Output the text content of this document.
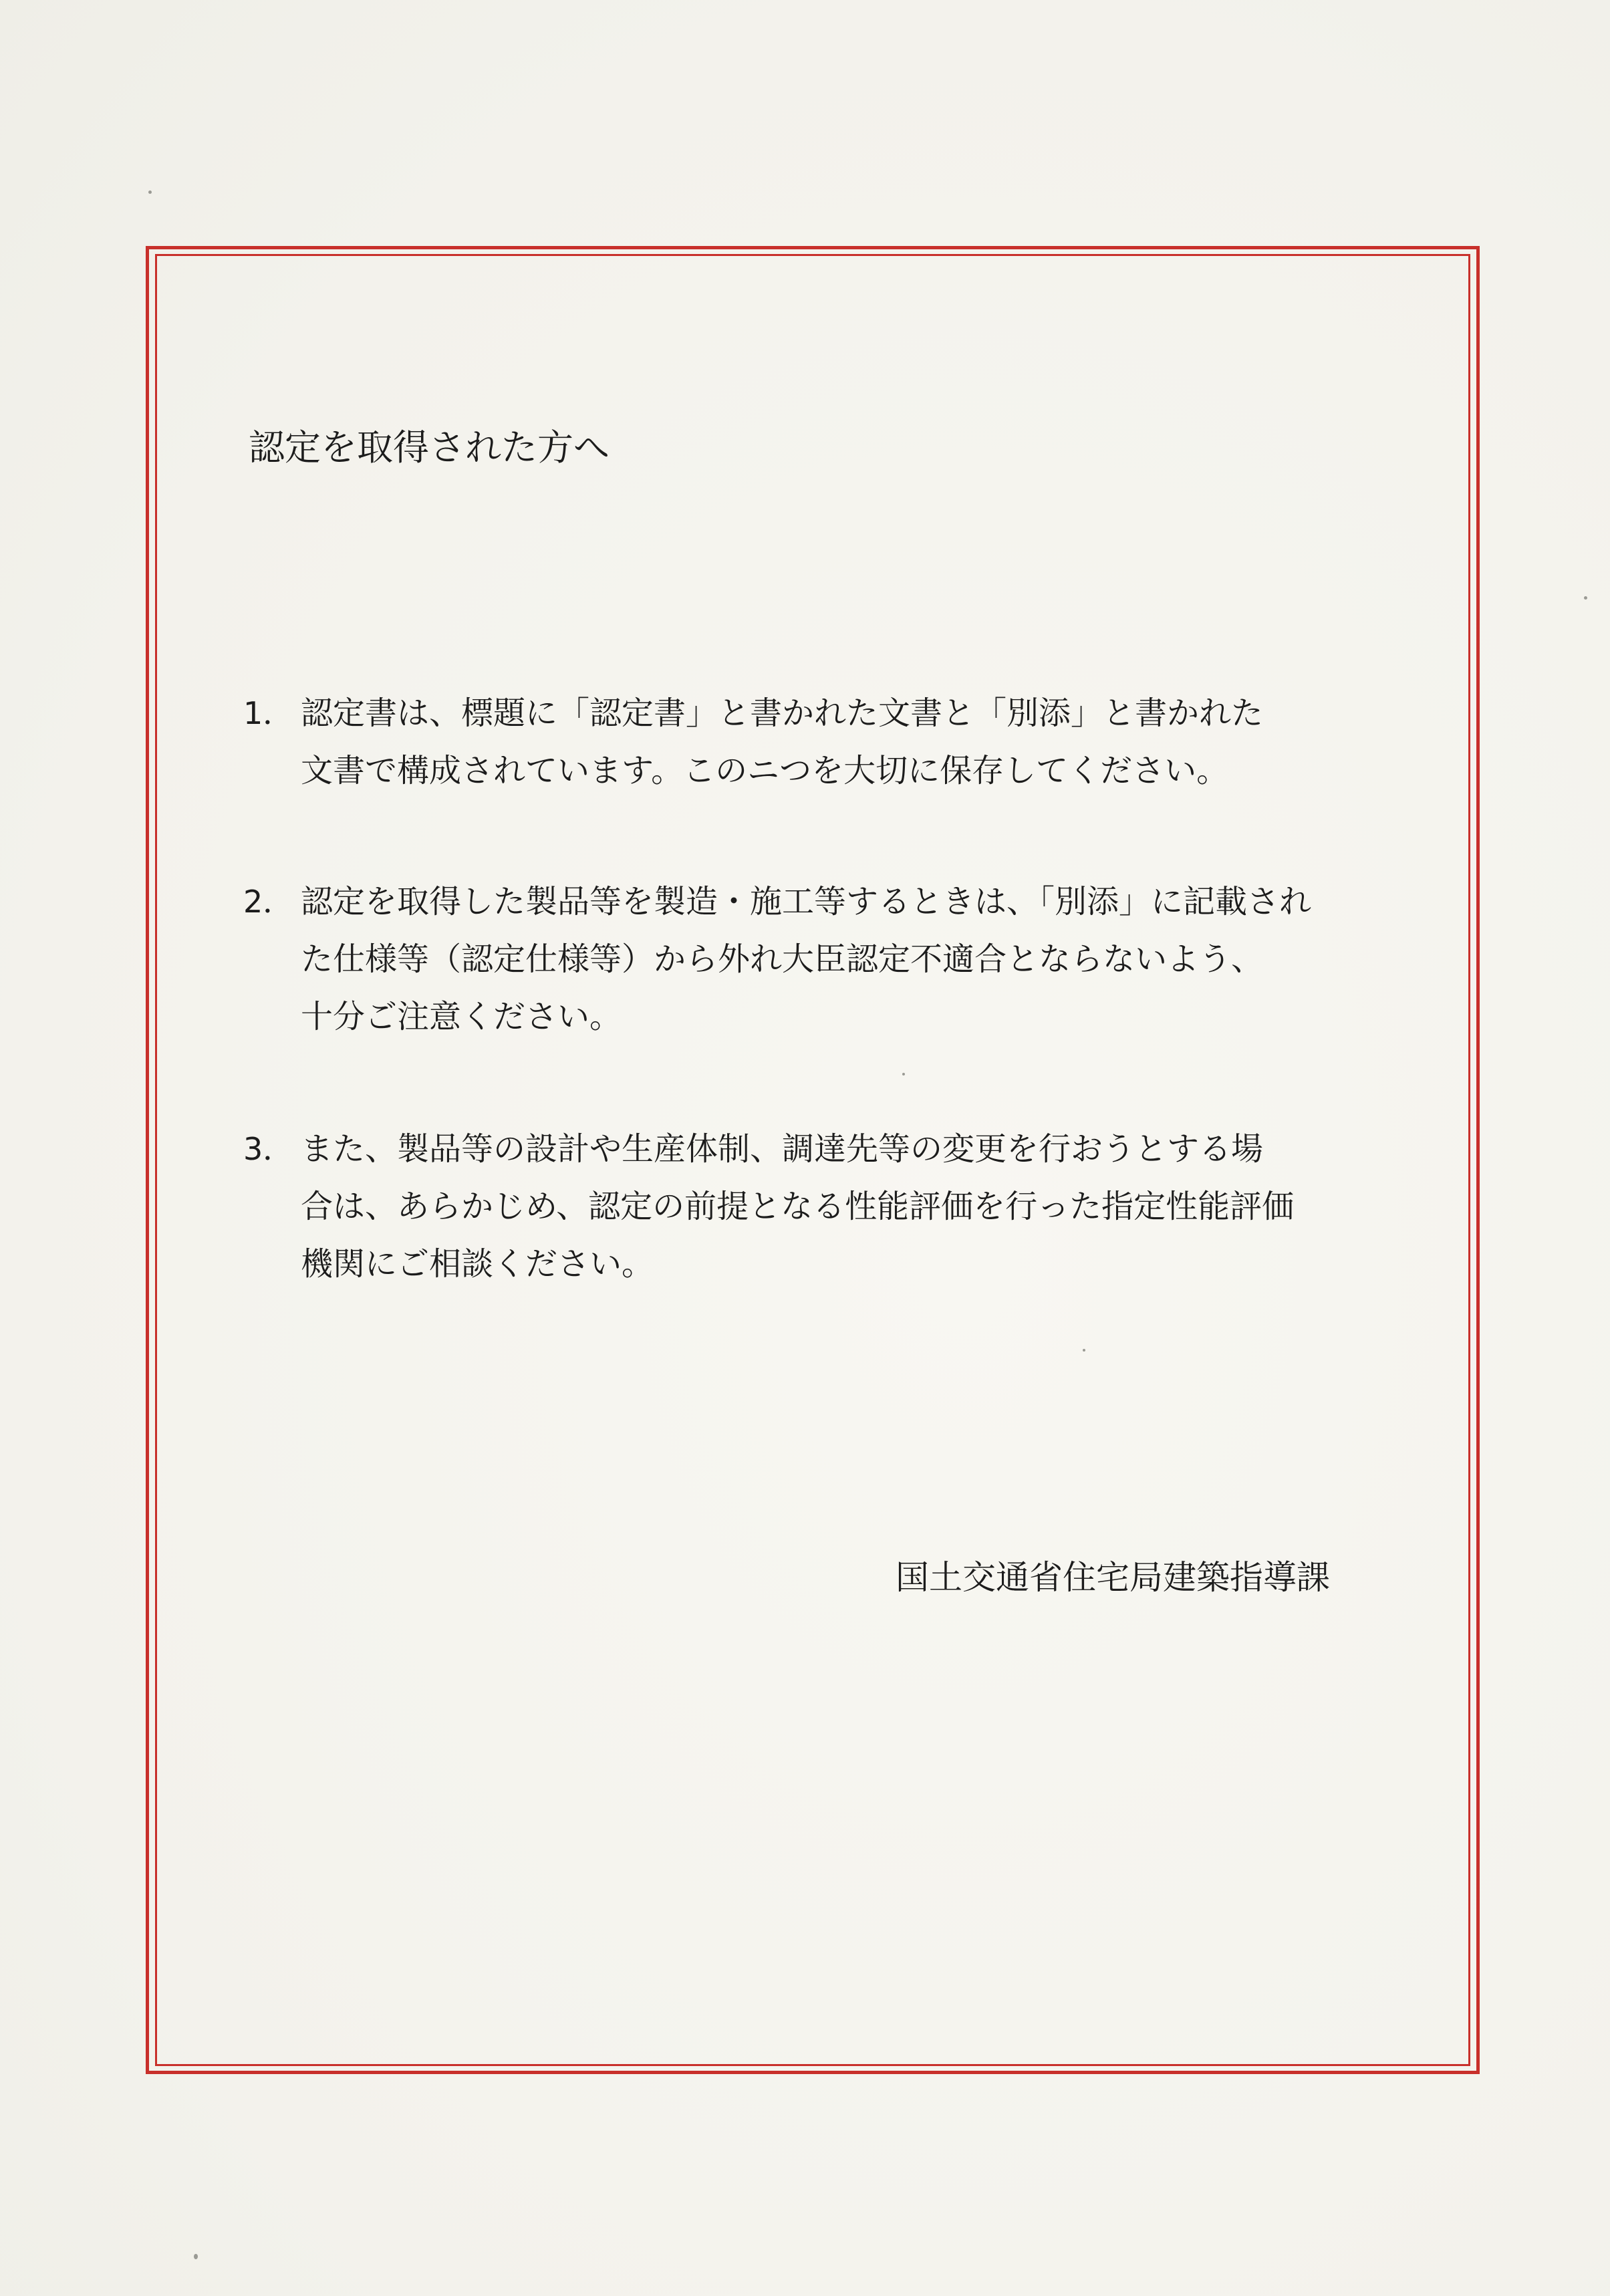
認定を取得された方へ
1． 認定書は、標題に「認定書」と書かれた文書と「別添」と書かれた
文書で構成されています。このニつを大切に保存してください。
2． 認定を取得した製品等を製造・施工等するときは、「別添」に記載され
た仕様等（認定仕様等）から外れ大臣認定不適合とならないよう、
十分ご注意ください。
3． また、製品等の設計や生産体制、調達先等の変更を行おうとする場
合は、あらかじめ、認定の前提となる性能評価を行った指定性能評価
機関にご相談ください。
国土交通省住宅局建築指導課
